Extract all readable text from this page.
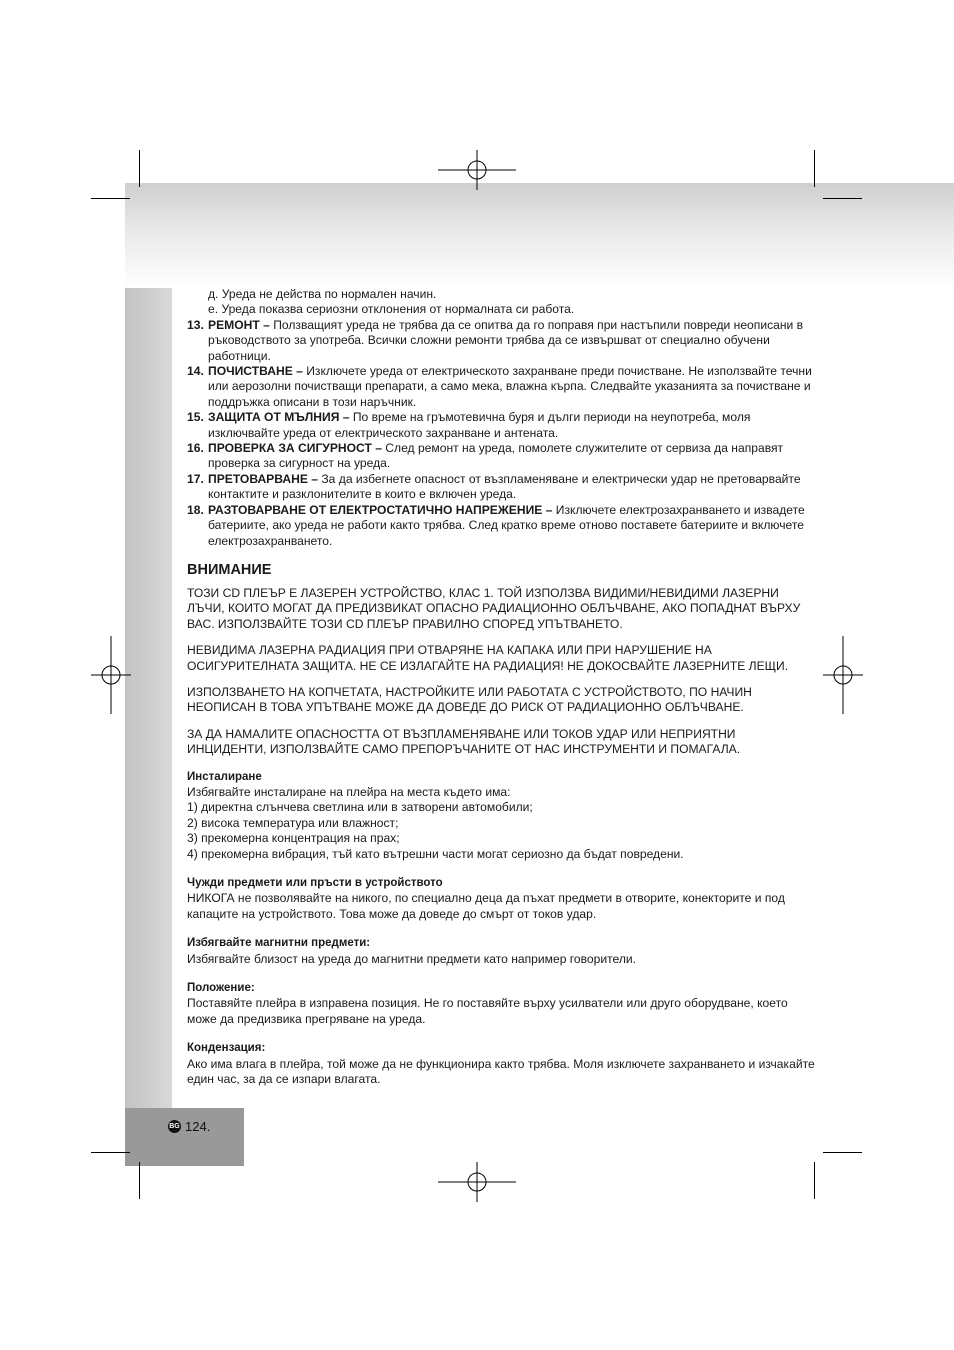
д. Уреда не действа по нормален начин.
е. Уреда показва сериозни отклонения от нормалната си работа.
13. РЕМОНТ – Ползващият уреда не трябва да се опитва да го поправя при настъпили повреди неописани в ръководството за употреба. Всички сложни ремонти трябва да се извършват от специално обучени работници.
14. ПОЧИСТВАНЕ – Изключете уреда от електрическото захранване преди почистване. Не използвайте течни или аерозолни почистващи препарати, а само мека, влажна кърпа. Следвайте указанията за почистване и поддръжка описани в този наръчник.
15. ЗАЩИТА ОТ МЪЛНИЯ – По време на гръмотевична буря и дълги периоди на неупотреба, моля изключвайте уреда от електрическото захранване и антената.
16. ПРОВЕРКА ЗА СИГУРНОСТ – След ремонт на уреда, помолете служителите от сервиза да направят проверка за сигурност на уреда.
17. ПРЕТОВАРВАНЕ – За да избегнете опасност от възпламеняване и електрически удар не претоварвайте контактите и разклонителите в които е включен уреда.
18. РАЗТОВАРВАНЕ ОТ ЕЛЕКТРОСТАТИЧНО НАПРЕЖЕНИЕ – Изключете електрозахранването и извадете батериите, ако уреда не работи както трябва. След кратко време отново поставете батериите и включете електрозахранването.
ВНИМАНИЕ

ТОЗИ CD ПЛЕЪР Е ЛАЗЕРЕН УСТРОЙСТВО, КЛАС 1. ТОЙ ИЗПОЛЗВА ВИДИМИ/НЕВИДИМИ ЛАЗЕРНИ ЛЪЧИ, КОИТО МОГАТ ДА ПРЕДИЗВИКАТ ОПАСНО РАДИАЦИОННО ОБЛЪЧВАНЕ, АКО ПОПАДНАТ ВЪРХУ ВАС. ИЗПОЛЗВАЙТЕ ТОЗИ CD ПЛЕЪР ПРАВИЛНО СПОРЕД УПЪТВАНЕТО.

НЕВИДИМА ЛАЗЕРНА РАДИАЦИЯ ПРИ ОТВАРЯНЕ НА КАПАКА ИЛИ ПРИ НАРУШЕНИЕ НА ОСИГУРИТЕЛНАТА ЗАЩИТА. НЕ СЕ ИЗЛАГАЙТЕ НА РАДИАЦИЯ! НЕ ДОКОСВАЙТЕ ЛАЗЕРНИТЕ ЛЕЩИ.

ИЗПОЛЗВАНЕТО НА КОПЧЕТАТА, НАСТРОЙКИТЕ ИЛИ РАБОТАТА С УСТРОЙСТВОТО, ПО НАЧИН НЕОПИСАН В ТОВА УПЪТВАНЕ МОЖЕ ДА ДОВЕДЕ ДО РИСК ОТ РАДИАЦИОННО ОБЛЪЧВАНЕ.

ЗА ДА НАМАЛИТЕ ОПАСНОСТТА ОТ ВЪЗПЛАМЕНЯВАНЕ ИЛИ ТОКОВ УДАР ИЛИ НЕПРИЯТНИ ИНЦИДЕНТИ, ИЗПОЛЗВАЙТЕ САМО ПРЕПОРЪЧАНИТЕ ОТ НАС ИНСТРУМЕНТИ И ПОМАГАЛА.

Инсталиране
Избягвайте инсталиране на плейра на места където има:
1) директна слънчева светлина или в затворени автомобили;
2) висока температура или влажност;
3) прекомерна концентрация на прах;
4) прекомерна вибрация, тъй като вътрешни части могат сериозно да бъдат повредени.
Чужди предмети или пръсти в устройството
НИКОГА не позволявайте на никого, по специално деца да пъхат предмети в отворите, конекторите и под капаците на устройството. Това може да доведе до смърт от токов удар.
Избягвайте магнитни предмети:
Избягвайте близост на уреда до магнитни предмети като например говорители.
Положение:
Поставяйте плейра в изправена позиция. Не го поставяйте върху усилватели или друго оборудване, което може да предизвика прегряване на уреда.
Кондензация:
Ако има влага в плейра, той може да не функционира както трябва. Моля изключете захранването и изчакайте един час, за да се изпари влагата.
BG 124.
